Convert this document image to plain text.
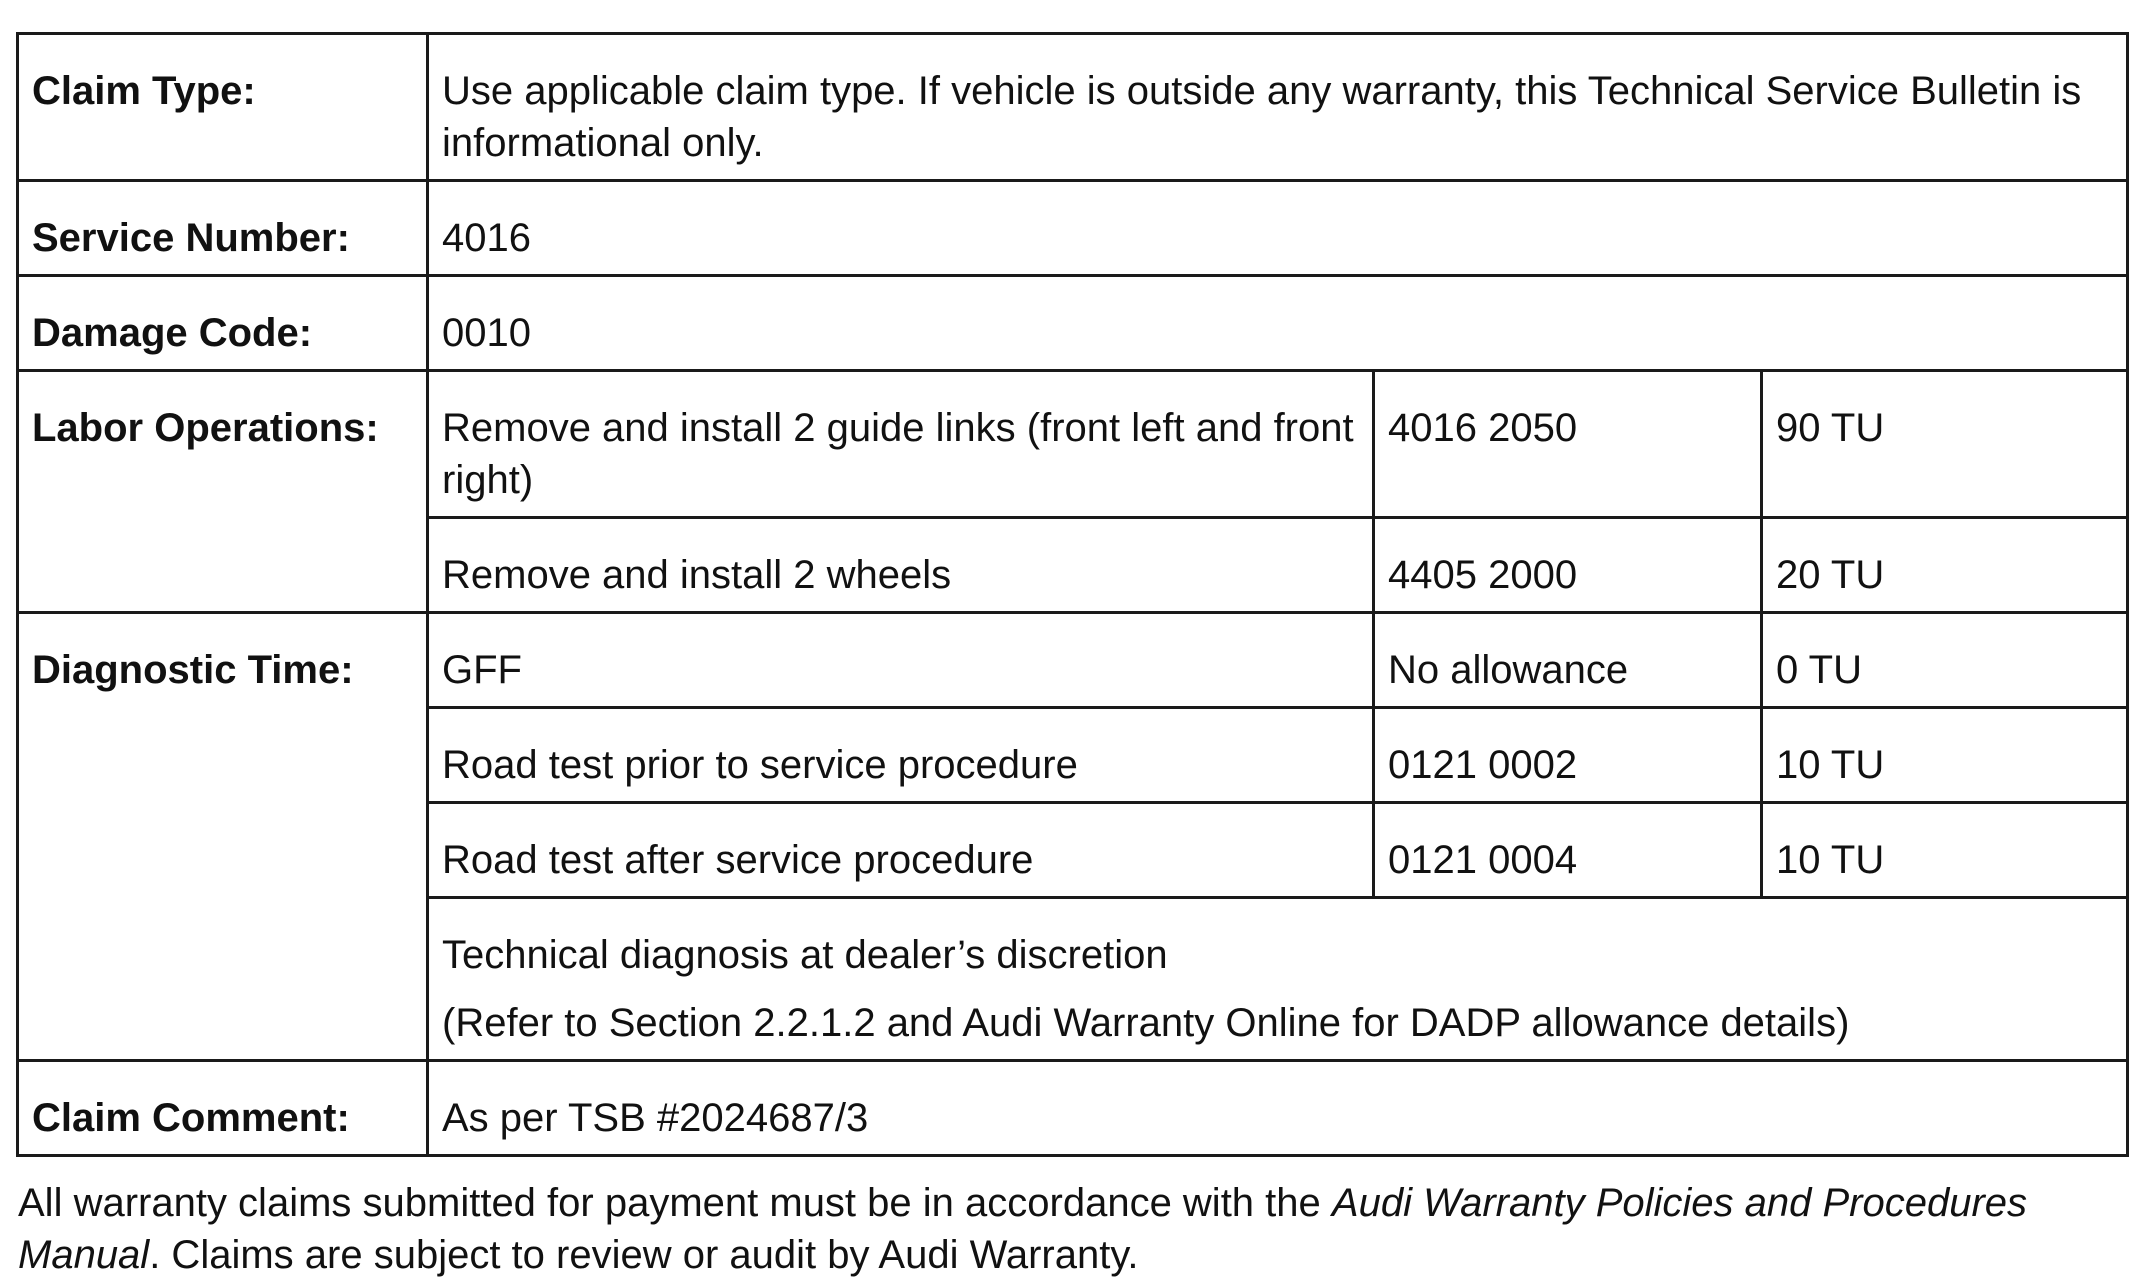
Claim Type:	Use applicable claim type. If vehicle is outside any warranty, this Technical Service Bulletin is informational only.		
Service Number:	4016		
Damage Code:	0010		
Labor Operations:	Remove and install 2 guide links (front left and front right)	4016 2050	90 TU
	Remove and install 2 wheels	4405 2000	20 TU
Diagnostic Time:	GFF	No allowance	0 TU
	Road test prior to service procedure	0121 0002	10 TU
	Road test after service procedure	0121 0004	10 TU

	Technical diagnosis at dealer’s discretion
(Refer to Section 2.2.1.2 and Audi Warranty Online for DADP allowance details)		

Claim Comment:	As per TSB #2024687/3		

All warranty claims submitted for payment must be in accordance with the Audi Warranty Policies and Procedures Manual. Claims are subject to review or audit by Audi Warranty.
